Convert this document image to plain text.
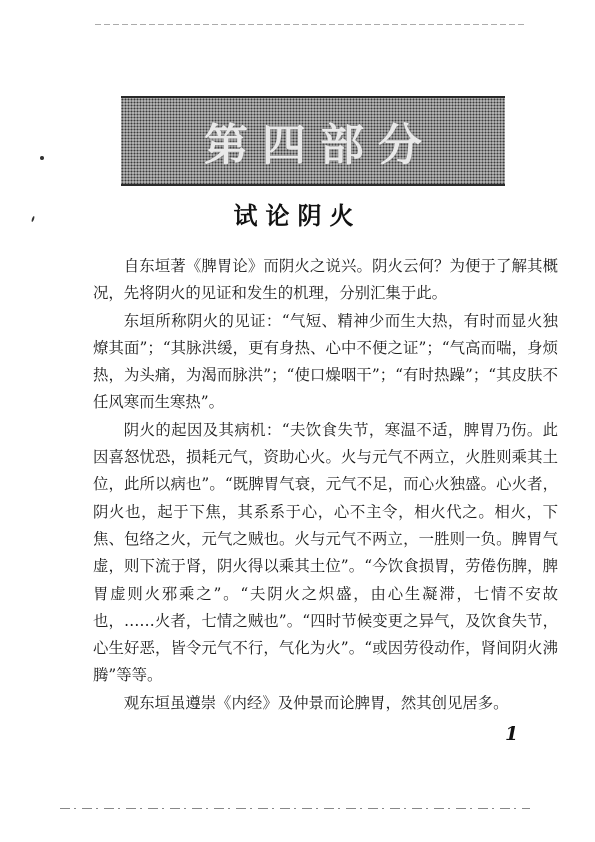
第四部分
试论阴火

自东垣著《脾胃论》而阴火之说兴。阴火云何？为便于了解其概况，先将阴火的见证和发生的机理，分别汇集于此。

东垣所称阴火的见证：“气短、精神少而生大热，有时而显火独燎其面”；“其脉洪缓，更有身热、心中不便之证”；“气高而喘，身烦热，为头痛，为渴而脉洪”；“使口燥咽干”；“有时热躁”；“其皮肤不任风寒而生寒热”。

阴火的起因及其病机：“夫饮食失节，寒温不适，脾胃乃伤。此因喜怒忧恐，损耗元气，资助心火。火与元气不两立，火胜则乘其土位，此所以病也”。“既脾胃气衰，元气不足，而心火独盛。心火者，阴火也，起于下焦，其系系于心，心不主令，相火代之。相火，下焦、包络之火，元气之贼也。火与元气不两立，一胜则一负。脾胃气虚，则下流于肾，阴火得以乘其土位”。“今饮食损胃，劳倦伤脾，脾胃虚则火邪乘之”。“夫阴火之炽盛，由心生凝滞，七情不安故也，……火者，七情之贼也”。“四时节候变更之异气，及饮食失节，心生好恶，皆令元气不行，气化为火”。“或因劳役动作，肾间阴火沸腾”等等。

观东垣虽遵崇《内经》及仲景而论脾胃，然其创见居多。

1
